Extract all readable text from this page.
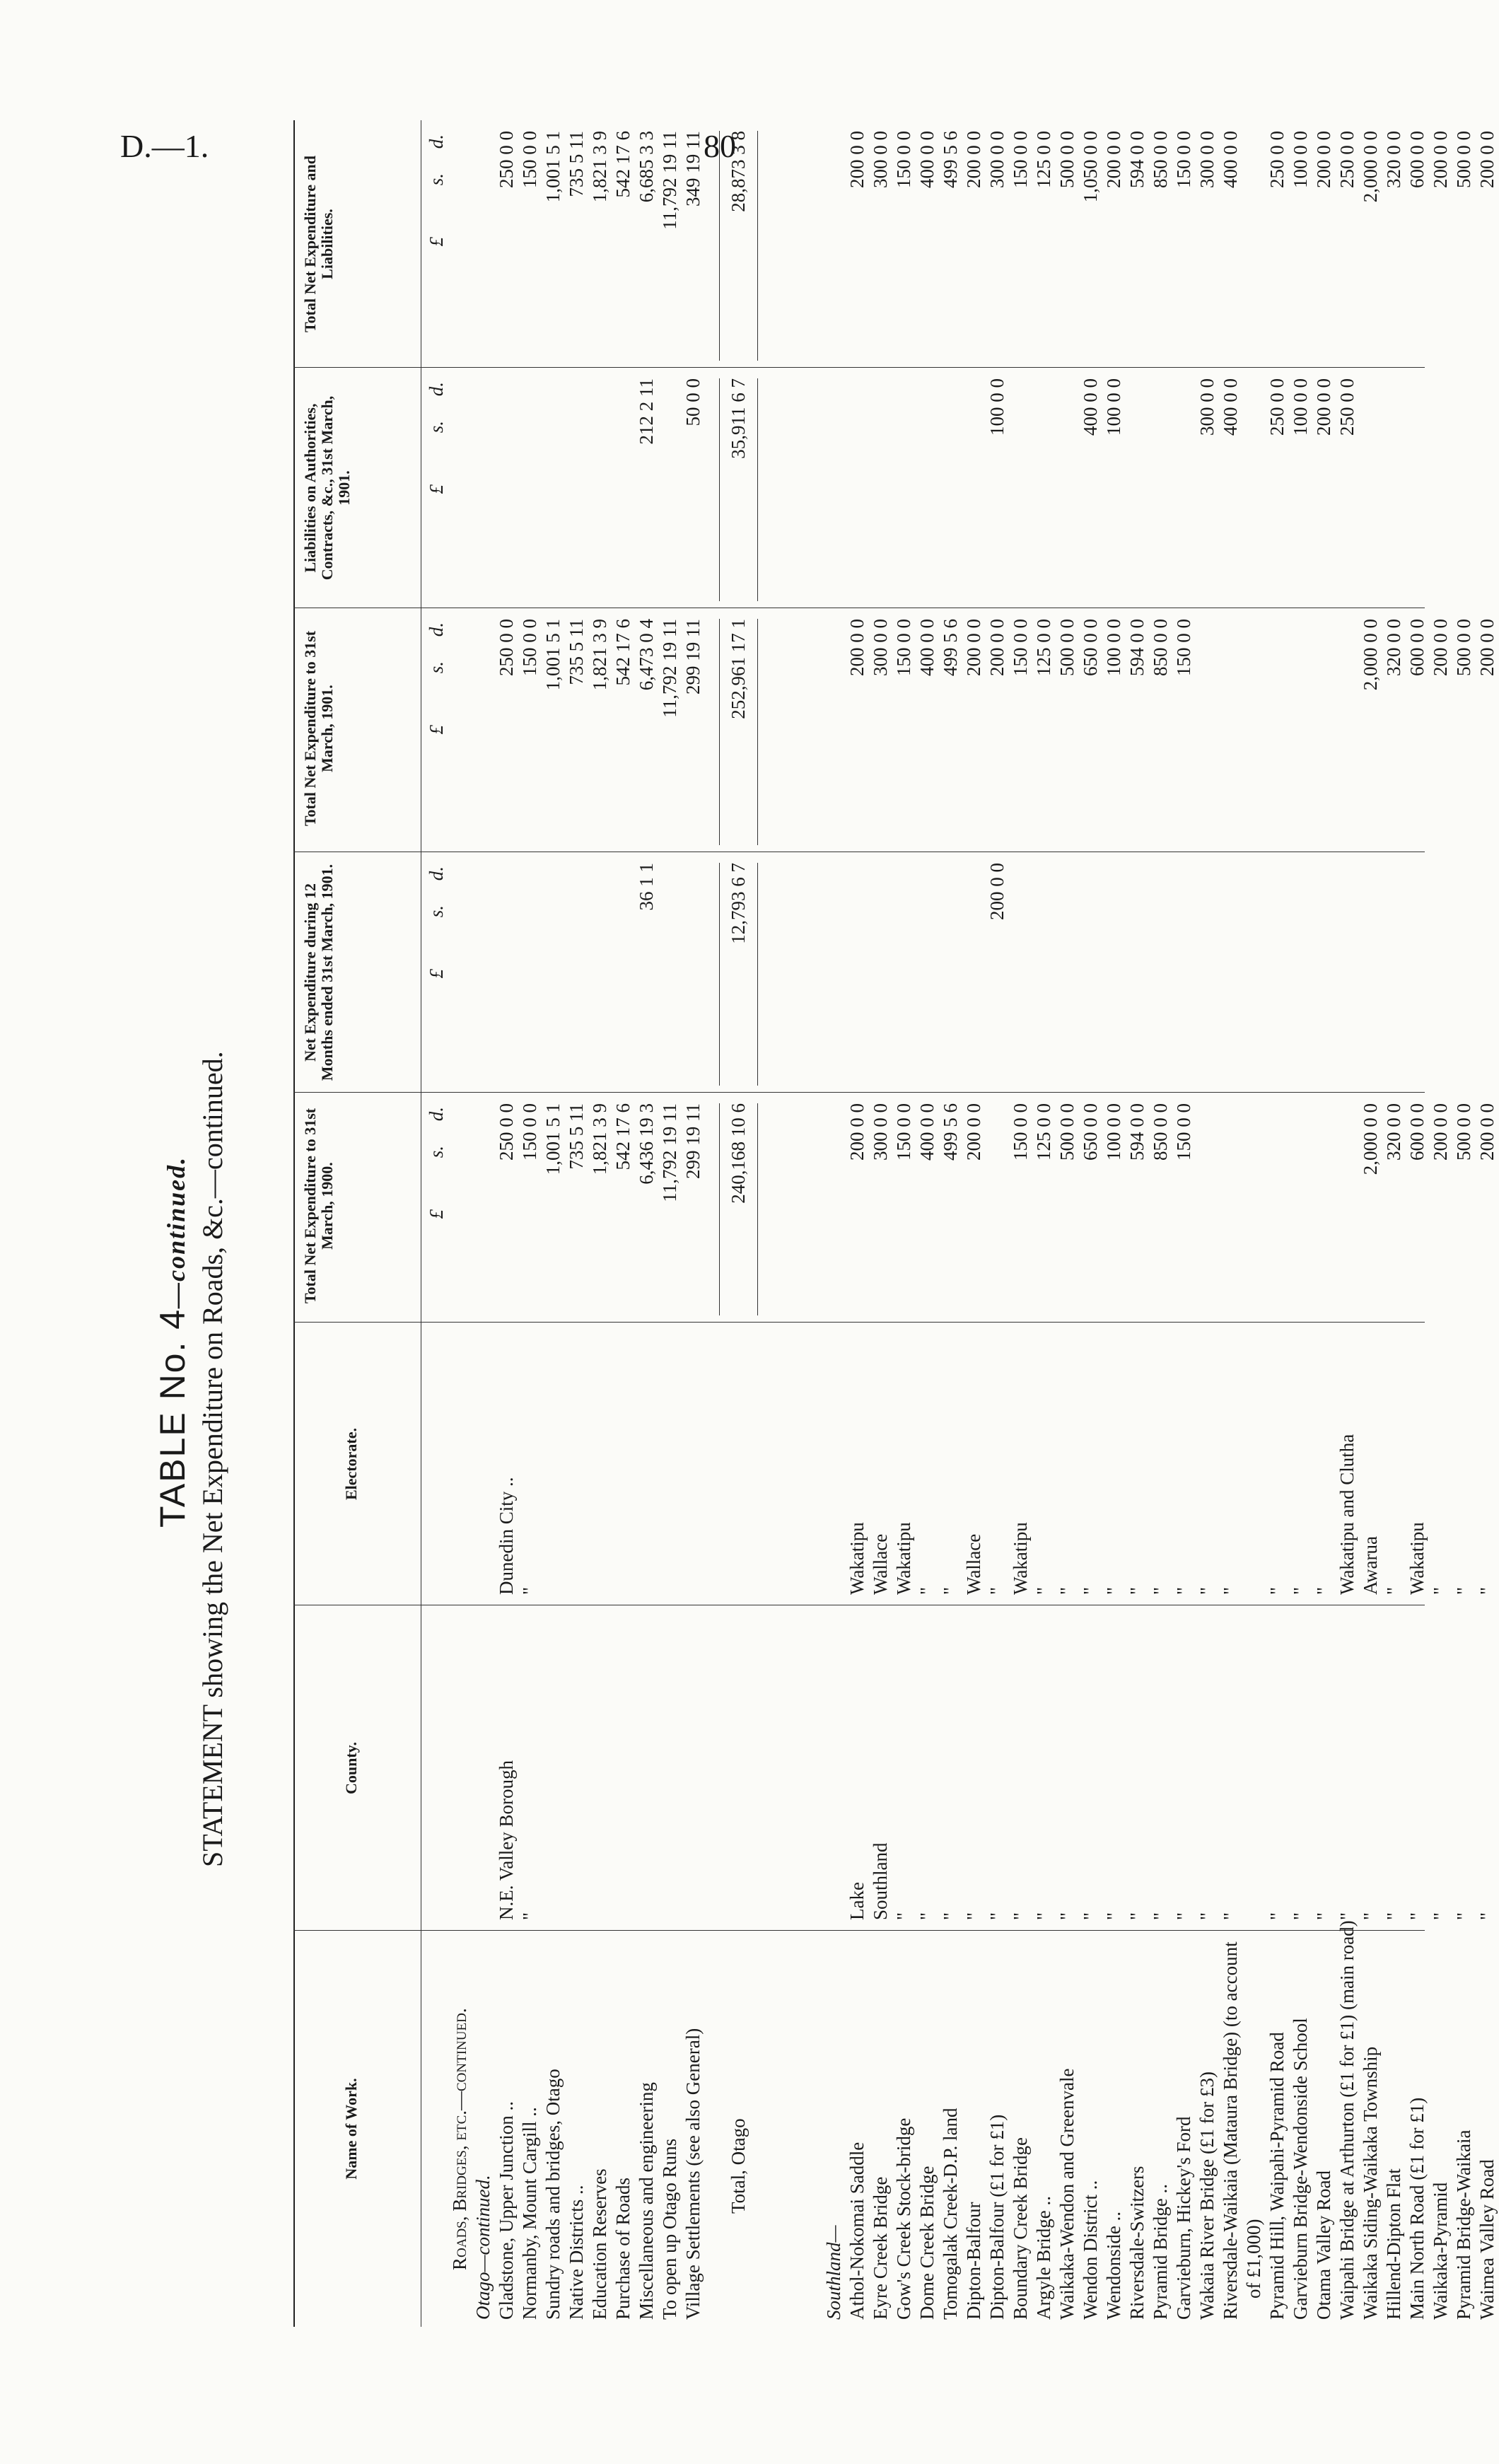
D.—1.	80
TABLE No. 4—continued. STATEMENT showing the Net Expenditure on Roads, &c.—continued.
Name of Work.
County.
Electorate.
Total Net Expenditure to 31st March, 1900.
Net Expenditure during 12 Months ended 31st March, 1901.
Total Net Expenditure to 31st March, 1901.
Liabilities on Authorities, Contracts, &c., 31st March, 1901.
Total Net Expenditure and Liabilities.
£
s.
d.
£
s.
d.
£
s.
d.
£
s.
d.
£
s.
d.
Roads, Bridges, etc.—continued. Otago—continued. Gladstone, Upper Junction ..
N.E. Valley Borough
Dunedin City ..
250 0 0
250 0 0
250 0 0
Normanby, Mount Cargill ..
"
"
150 0 0
150 0 0
150 0 0
Sundry roads and bridges, Otago
1,001 5 1
1,001 5 1
1,001 5 1
Native Districts ..
735 5 11
735 5 11
735 5 11
Education Reserves
1,821 3 9
1,821 3 9
1,821 3 9
Purchase of Roads
542 17 6
542 17 6
542 17 6
Miscellaneous and engineering
6,436 19 3
36 1 1
6,473 0 4
212 2 11
6,685 3 3
To open up Otago Runs
11,792 19 11
11,792 19 11
11,792 19 11
Village Settlements (see also General)
299 19 11
299 19 11
50 0 0
349 19 11
Total, Otago
240,168 10 6
12,793 6 7
252,961 17 1
35,911 6 7
28,873 3 8
Southland— Athol-Nokomai Saddle
Lake
Wakatipu
200 0 0
200 0 0
200 0 0
Eyre Creek Bridge
Southland
Wallace
300 0 0
300 0 0
300 0 0
Gow's Creek Stock-bridge
"
Wakatipu
150 0 0
150 0 0
150 0 0
Dome Creek Bridge
"
"
400 0 0
400 0 0
400 0 0
Tomogalak Creek-D.P. land
"
"
499 5 6
499 5 6
499 5 6
Dipton-Balfour
"
Wallace
200 0 0
200 0 0
200 0 0
Dipton-Balfour (£1 for £1)
"
"
200 0 0
200 0 0
100 0 0
300 0 0
Boundary Creek Bridge
"
Wakatipu
150 0 0
150 0 0
150 0 0
Argyle Bridge ..
"
"
125 0 0
125 0 0
125 0 0
Waikaka-Wendon and Greenvale
"
"
500 0 0
500 0 0
500 0 0
Wendon District ..
"
"
650 0 0
650 0 0
400 0 0
1,050 0 0
Wendonside ..
"
"
100 0 0
100 0 0
100 0 0
200 0 0
Riversdale-Switzers
"
"
594 0 0
594 0 0
594 0 0
Pyramid Bridge ..
"
"
850 0 0
850 0 0
850 0 0
Garvieburn, Hickey's Ford
"
"
150 0 0
150 0 0
150 0 0
Wakaia River Bridge (£1 for £3)
"
"
300 0 0
300 0 0
Riversdale-Waikaia (Mataura Bridge) (to account
"
"
400 0 0
400 0 0
of £1,000) Pyramid Hill, Waipahi-Pyramid Road
"
"
250 0 0
250 0 0
Garvieburn Bridge-Wendonside School
"
"
100 0 0
100 0 0
Otama Valley Road
"
"
200 0 0
200 0 0
Waipahi Bridge at Arthurton (£1 for £1) (main road)
"
Wakatipu and Clutha
250 0 0
250 0 0
Waikaka Siding-Waikaka Township
"
Awarua
2,000 0 0
2,000 0 0
2,000 0 0
Hillend-Dipton Flat
"
"
320 0 0
320 0 0
320 0 0
Main North Road (£1 for £1)
"
Wakatipu
600 0 0
600 0 0
600 0 0
Waikaka-Pyramid
"
"
200 0 0
200 0 0
200 0 0
Pyramid Bridge-Waikaia
"
"
500 0 0
500 0 0
500 0 0
Waimea Valley Road
"
"
200 0 0
200 0 0
200 0 0
